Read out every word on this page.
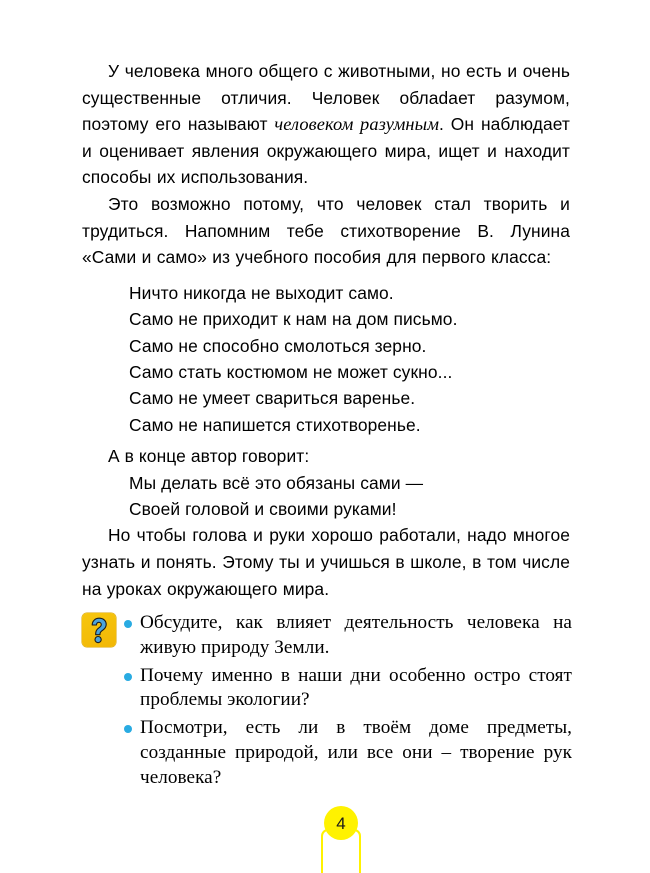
У человека много общего с животными, но есть и очень существенные отличия. Человек облаdает разумом, поэтому его называют человеком разумным. Он наблюдает и оценивает явления окружающего мира, ищет и находит способы их использования.

Это возможно потому, что человек стал творить и трудиться. Напомним тебе стихотворение В. Лунина «Сами и само» из учебного пособия для первого класса:

Ничто никогда не выходит само.
Само не приходит к нам на дом письмо.
Само не способно смолоться зерно.
Само стать костюмом не может сукно...
Само не умеет свариться варенье.
Само не напишется стихотворенье.

А в конце автор говорит:

Мы делать всё это обязаны сами —
Своей головой и своими руками!

Но чтобы голова и руки хорошо работали, надо многое узнать и понять. Этому ты и учишься в школе, в том числе на уроках окружающего мира.

Обсудите, как влияет деятельность человека на живую природу Земли.
Почему именно в наши дни особенно остро стоят проблемы экологии?
Посмотри, есть ли в твоём доме предметы, созданные природой, или все они – творение рук человека?
4
